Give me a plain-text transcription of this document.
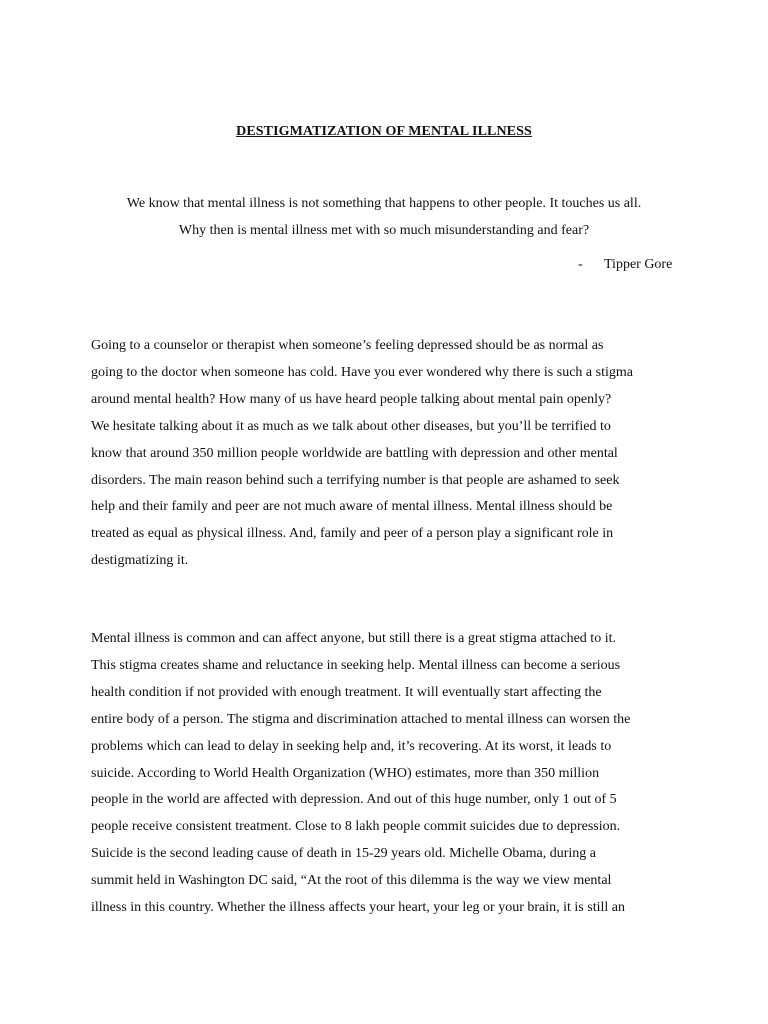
DESTIGMATIZATION OF MENTAL ILLNESS

We know that mental illness is not something that happens to other people. It touches us all.

Why then is mental illness met with so much misunderstanding and fear?

- Tipper Gore
Going to a counselor or therapist when someone’s feeling depressed should be as normal as
going to the doctor when someone has cold. Have you ever wondered why there is such a stigma
around mental health? How many of us have heard people talking about mental pain openly?
We hesitate talking about it as much as we talk about other diseases, but you’ll be terrified to
know that around 350 million people worldwide are battling with depression and other mental
disorders. The main reason behind such a terrifying number is that people are ashamed to seek
help and their family and peer are not much aware of mental illness. Mental illness should be
treated as equal as physical illness. And, family and peer of a person play a significant role in
destigmatizing it.
Mental illness is common and can affect anyone, but still there is a great stigma attached to it.
This stigma creates shame and reluctance in seeking help. Mental illness can become a serious
health condition if not provided with enough treatment. It will eventually start affecting the
entire body of a person. The stigma and discrimination attached to mental illness can worsen the
problems which can lead to delay in seeking help and, it’s recovering. At its worst, it leads to
suicide. According to World Health Organization (WHO) estimates, more than 350 million
people in the world are affected with depression. And out of this huge number, only 1 out of 5
people receive consistent treatment. Close to 8 lakh people commit suicides due to depression.
Suicide is the second leading cause of death in 15-29 years old. Michelle Obama, during a
summit held in Washington DC said, “At the root of this dilemma is the way we view mental
illness in this country. Whether the illness affects your heart, your leg or your brain, it is still an
